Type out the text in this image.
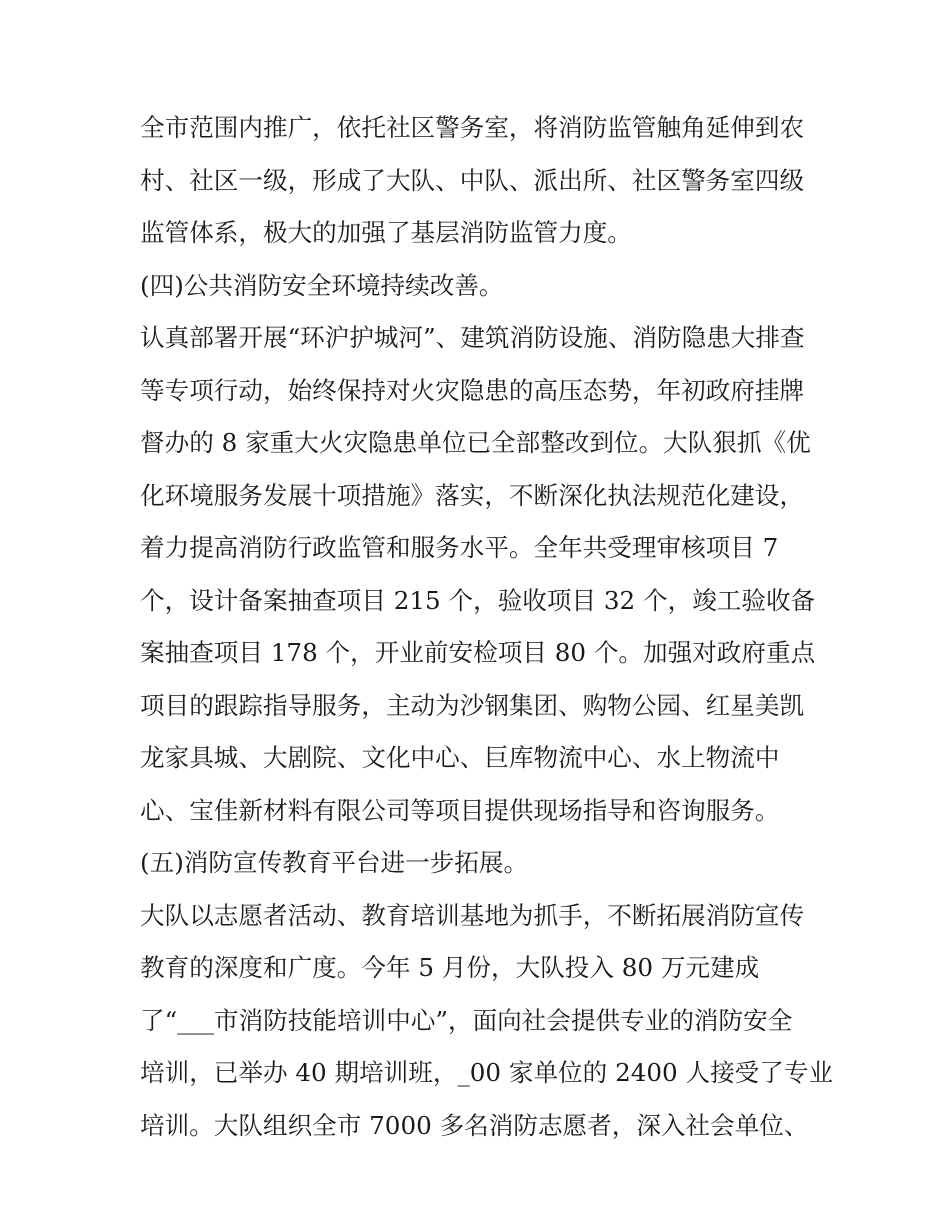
全市范围内推广，依托社区警务室，将消防监管触角延伸到农
村、社区一级，形成了大队、中队、派出所、社区警务室四级
监管体系，极大的加强了基层消防监管力度。
(四)公共消防安全环境持续改善。
认真部署开展“环沪护城河”、建筑消防设施、消防隐患大排查
等专项行动，始终保持对火灾隐患的高压态势，年初政府挂牌
督办的 8 家重大火灾隐患单位已全部整改到位。大队狠抓《优
化环境服务发展十项措施》落实，不断深化执法规范化建设，
着力提高消防行政监管和服务水平。全年共受理审核项目 7
个，设计备案抽查项目 215 个，验收项目 32 个，竣工验收备
案抽查项目 178 个，开业前安检项目 80 个。加强对政府重点
项目的跟踪指导服务，主动为沙钢集团、购物公园、红星美凯
龙家具城、大剧院、文化中心、巨库物流中心、水上物流中
心、宝佳新材料有限公司等项目提供现场指导和咨询服务。
(五)消防宣传教育平台进一步拓展。
大队以志愿者活动、教育培训基地为抓手，不断拓展消防宣传
教育的深度和广度。今年 5 月份，大队投入 80 万元建成
了“___市消防技能培训中心”，面向社会提供专业的消防安全
培训，已举办 40 期培训班，_00 家单位的 2400 人接受了专业
培训。大队组织全市 7000 多名消防志愿者，深入社会单位、
